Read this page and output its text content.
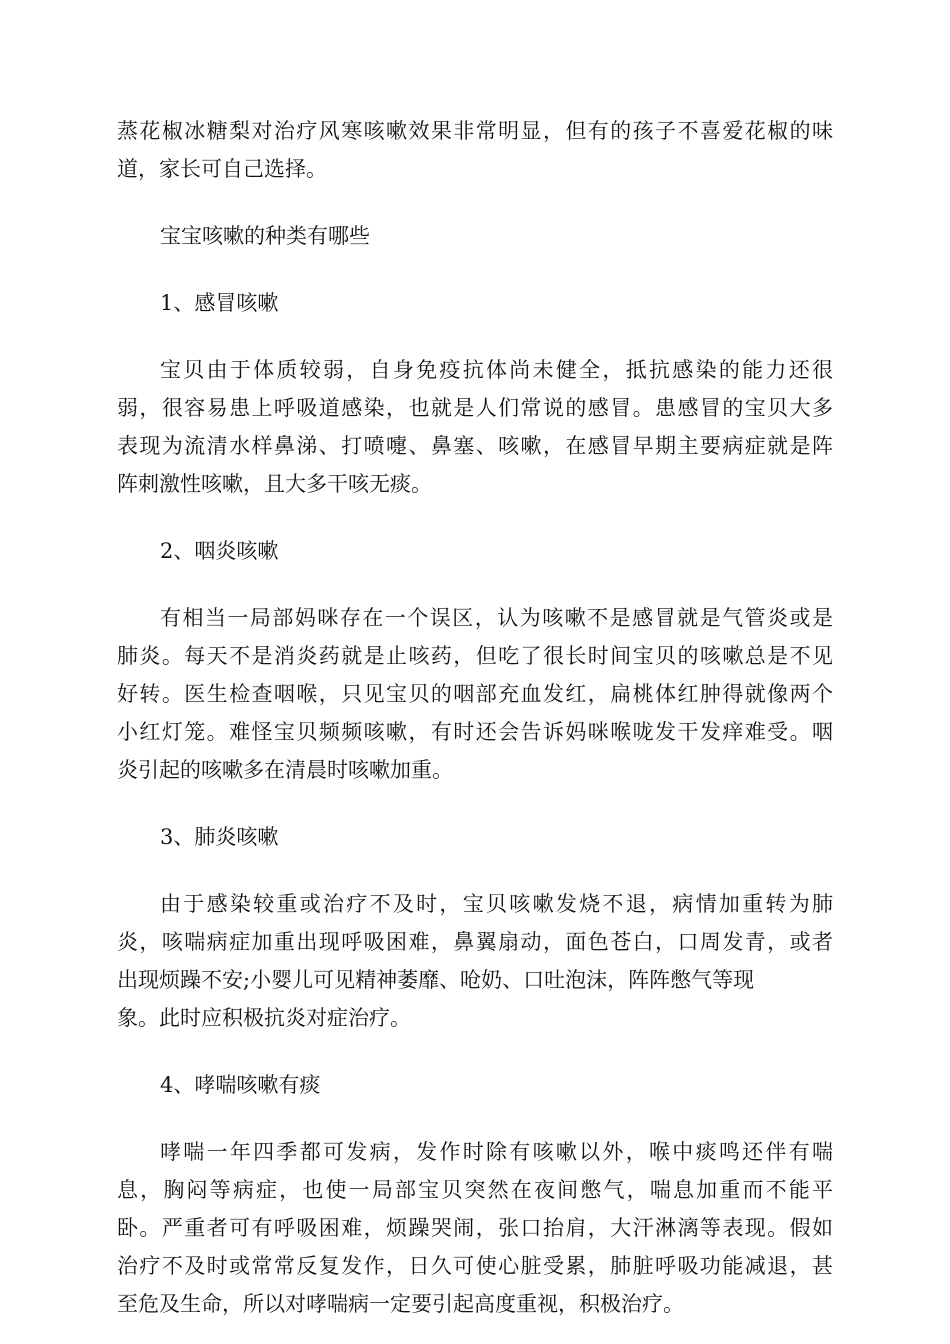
蒸花椒冰糖梨对治疗风寒咳嗽效果非常明显，但有的孩子不喜爱花椒的味
道，家长可自己选择。
宝宝咳嗽的种类有哪些
1、感冒咳嗽
宝贝由于体质较弱，自身免疫抗体尚未健全，抵抗感染的能力还很
弱，很容易患上呼吸道感染，也就是人们常说的感冒。患感冒的宝贝大多
表现为流清水样鼻涕、打喷嚏、鼻塞、咳嗽，在感冒早期主要病症就是阵
阵刺激性咳嗽，且大多干咳无痰。
2、咽炎咳嗽
有相当一局部妈咪存在一个误区，认为咳嗽不是感冒就是气管炎或是
肺炎。每天不是消炎药就是止咳药，但吃了很长时间宝贝的咳嗽总是不见
好转。医生检查咽喉，只见宝贝的咽部充血发红，扁桃体红肿得就像两个
小红灯笼。难怪宝贝频频咳嗽，有时还会告诉妈咪喉咙发干发痒难受。咽
炎引起的咳嗽多在清晨时咳嗽加重。
3、肺炎咳嗽
由于感染较重或治疗不及时，宝贝咳嗽发烧不退，病情加重转为肺
炎，咳喘病症加重出现呼吸困难，鼻翼扇动，面色苍白，口周发青，或者
出现烦躁不安;小婴儿可见精神萎靡、呛奶、口吐泡沫，阵阵憋气等现
象。此时应积极抗炎对症治疗。
4、哮喘咳嗽有痰
哮喘一年四季都可发病，发作时除有咳嗽以外，喉中痰鸣还伴有喘
息，胸闷等病症，也使一局部宝贝突然在夜间憋气，喘息加重而不能平
卧。严重者可有呼吸困难，烦躁哭闹，张口抬肩，大汗淋漓等表现。假如
治疗不及时或常常反复发作，日久可使心脏受累，肺脏呼吸功能减退，甚
至危及生命，所以对哮喘病一定要引起高度重视，积极治疗。
